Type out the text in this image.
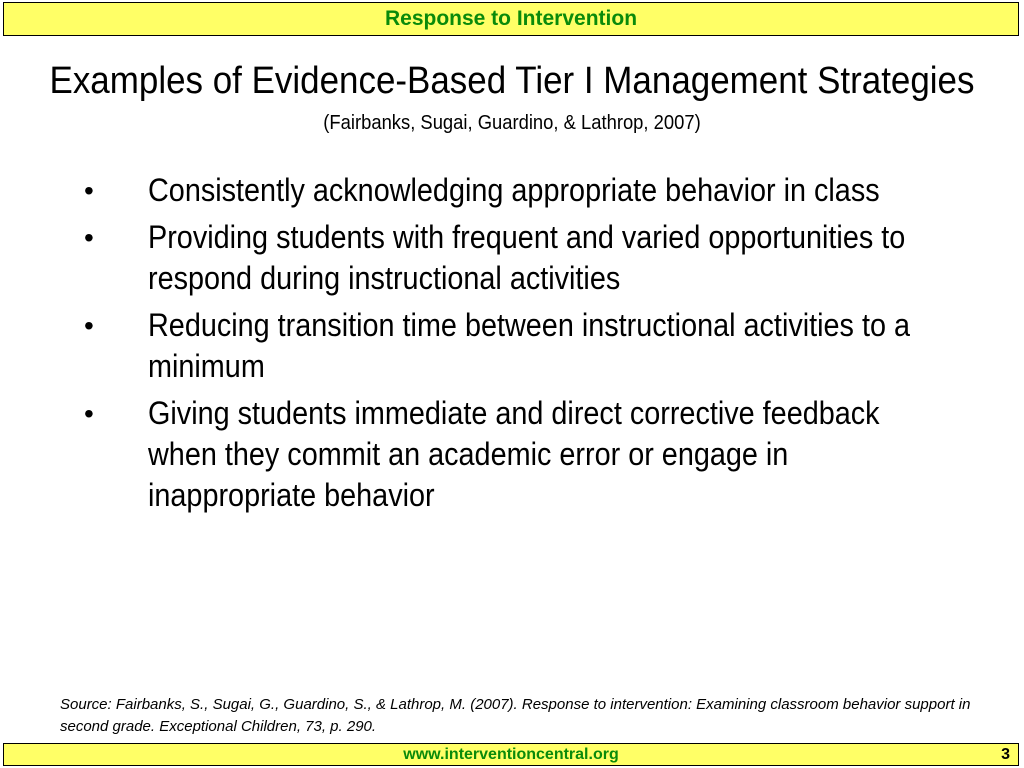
Response to Intervention
Examples of Evidence-Based Tier I Management Strategies
(Fairbanks, Sugai, Guardino, & Lathrop, 2007)
• Consistently acknowledging appropriate behavior in class
• Providing students with frequent and varied opportunities to respond during instructional activities
• Reducing transition time between instructional activities to a minimum
• Giving students immediate and direct corrective feedback when they commit an academic error or engage in inappropriate behavior
Source: Fairbanks, S., Sugai, G., Guardino, S., & Lathrop, M. (2007). Response to intervention: Examining classroom behavior support in second grade. Exceptional Children, 73, p. 290.
www.interventioncentral.org	3
